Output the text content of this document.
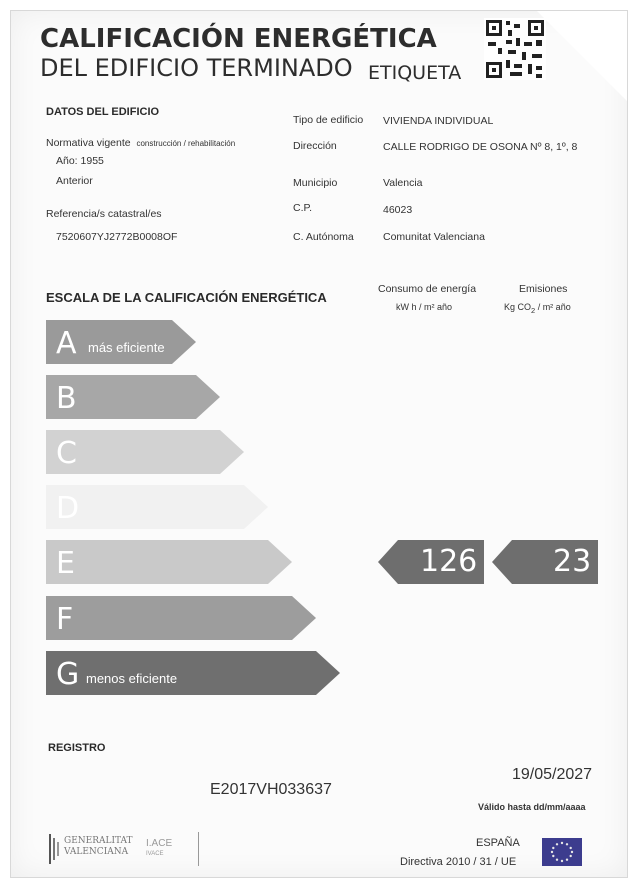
CALIFICACIÓN ENERGÉTICA
DEL EDIFICIO TERMINADO ETIQUETA
DATOS DEL EDIFICIO
Normativa vigente construcción / rehabilitación
Año: 1955
Anterior
Referencia/s catastral/es
7520607YJ2772B0008OF
Tipo de edificio VIVIENDA INDIVIDUAL
Dirección	CALLE RODRIGO DE OSONA Nº 8, 1º, 8
Municipio	Valencia
C.P.	46023
C. Autónoma	Comunitat Valenciana
ESCALA DE LA CALIFICACIÓN ENERGÉTICA
Consumo de energía
kW h / m² año
Emisiones
Kg $CO_2 / m^2$ año
A más eficiente
B
C
D
E
F
G menos eficiente
126	23
REGISTRO
E2017VH033637
19/05/2027
Válido hasta dd/mm/aaaa
GENERALITAT
VALENCIANA
I.ACE
IVACE
ESPAÑA
Directiva 2010 / 31 / UE
